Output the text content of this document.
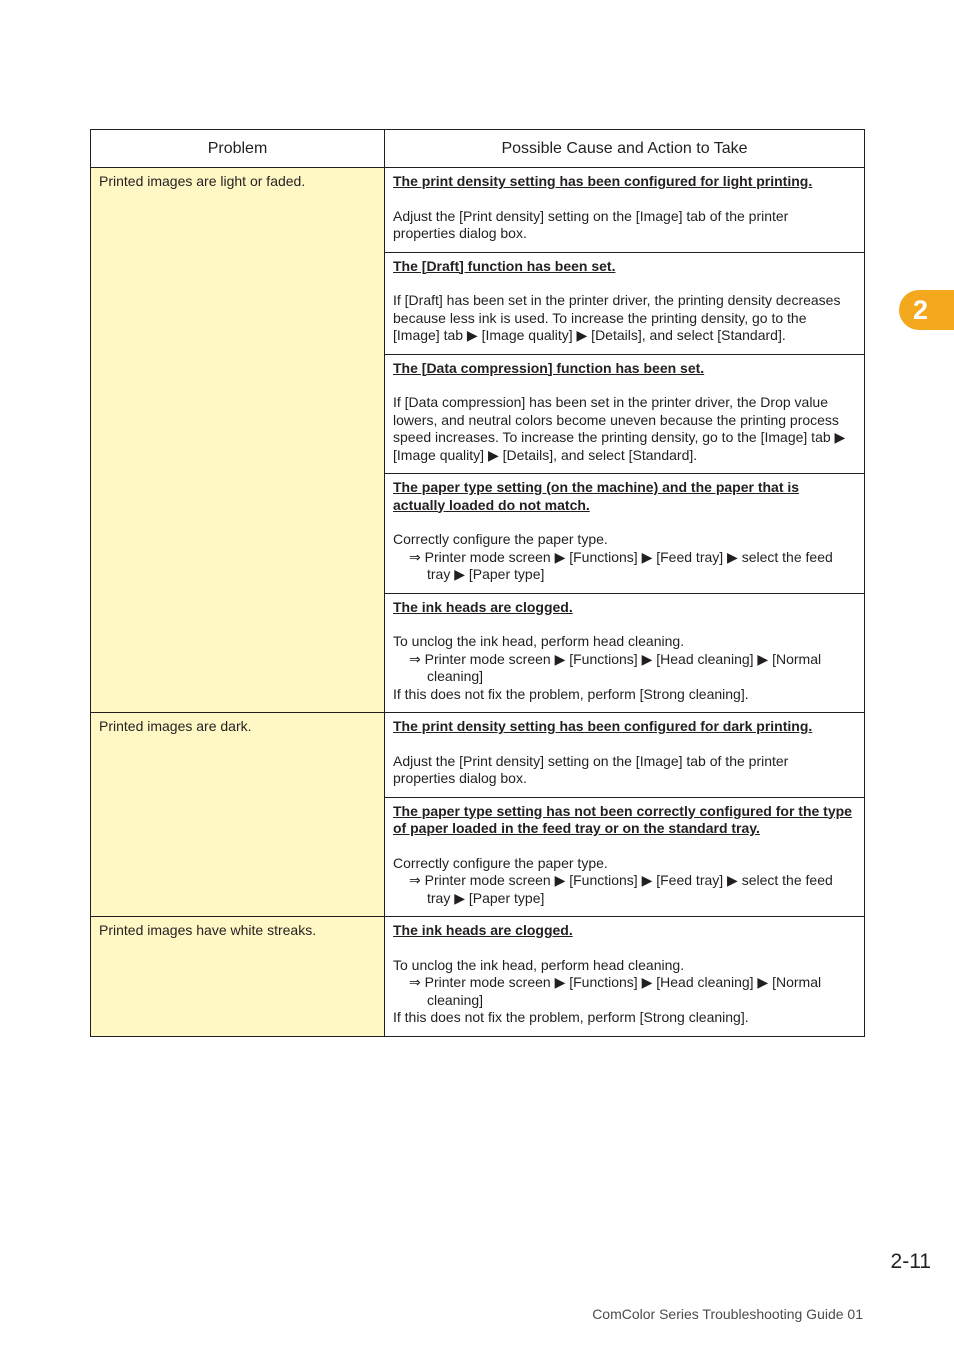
Problem	Possible Cause and Action to Take
Printed images are light or faded.	The print density setting has been configured for light printing.
Adjust the [Print density] setting on the [Image] tab of the printer properties dialog box.

	The [Draft] function has been set.
If [Draft] has been set in the printer driver, the printing density decreases because less ink is used. To increase the printing density, go to the [Image] tab ▶ [Image quality] ▶ [Details], and select [Standard].

	The [Data compression] function has been set.
If [Data compression] has been set in the printer driver, the Drop value lowers, and neutral colors become uneven because the printing process speed increases. To increase the printing density, go to the [Image] tab ▶ [Image quality] ▶ [Details], and select [Standard].

	The paper type setting (on the machine) and the paper that is actually loaded do not match.
Correctly configure the paper type.
⇒ Printer mode screen ▶ [Functions] ▶ [Feed tray] ▶ select the feed tray ▶ [Paper type]

	The ink heads are clogged.
To unclog the ink head, perform head cleaning.
⇒ Printer mode screen ▶ [Functions] ▶ [Head cleaning] ▶ [Normal cleaning]
If this does not fix the problem, perform [Strong cleaning].

Printed images are dark.	The print density setting has been configured for dark printing.
Adjust the [Print density] setting on the [Image] tab of the printer properties dialog box.

	The paper type setting has not been correctly configured for the type of paper loaded in the feed tray or on the standard tray.
Correctly configure the paper type.
⇒ Printer mode screen ▶ [Functions] ▶ [Feed tray] ▶ select the feed tray ▶ [Paper type]

Printed images have white streaks.	The ink heads are clogged.
To unclog the ink head, perform head cleaning.
⇒ Printer mode screen ▶ [Functions] ▶ [Head cleaning] ▶ [Normal cleaning]
If this does not fix the problem, perform [Strong cleaning].
2
2-11
ComColor Series Troubleshooting Guide 01
